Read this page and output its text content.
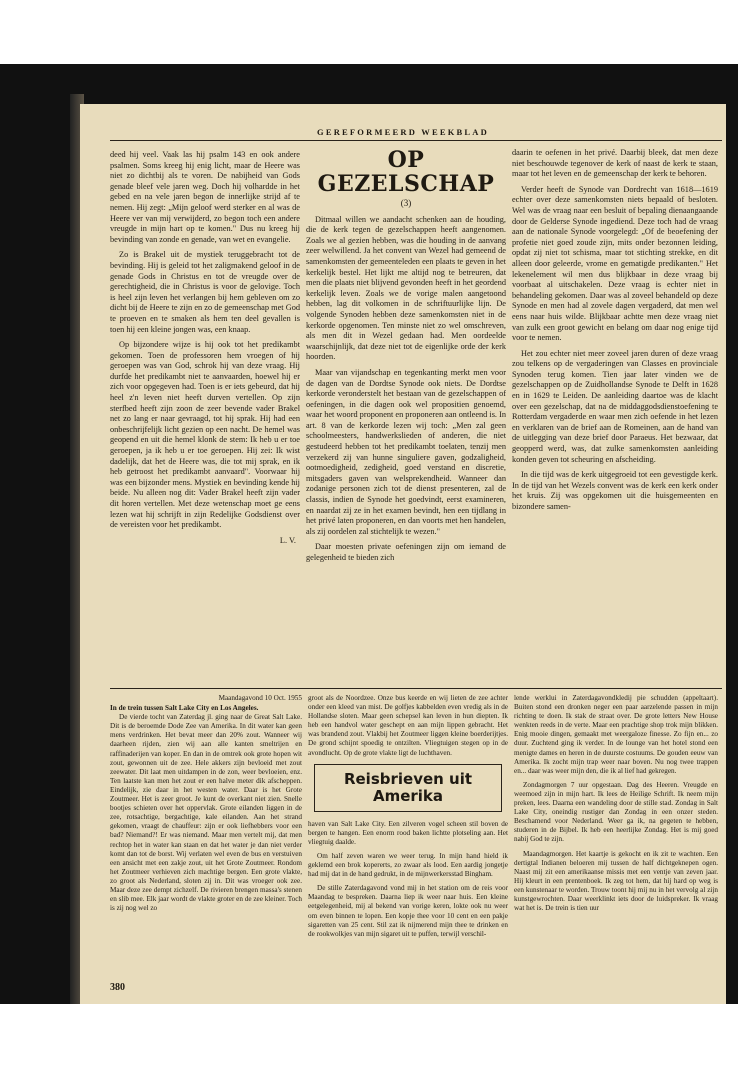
GEREFORMEERD WEEKBLAD

deed hij veel. Vaak las hij psalm 143 en ook andere psalmen. Soms kreeg hij enig licht, maar de Heere was niet zo dichtbij als te voren. De nabijheid van Gods genade bleef vele jaren weg. Doch hij volhardde in het gebed en na vele jaren begon de innerlijke strijd af te nemen. Hij zegt: „Mijn geloof werd sterker en al was de Heere ver van mij verwijderd, zo begon toch een andere vreugde in mijn hart op te komen." Dus nu kreeg hij bevinding van zonde en genade, van wet en evangelie.

Zo is Brakel uit de mystiek teruggebracht tot de bevinding. Hij is geleid tot het zaligmakend geloof in de genade Gods in Christus en tot de vreugde over de gerechtigheid, die in Christus is voor de gelovige. Toch is heel zijn leven het verlangen bij hem gebleven om zo dicht bij de Heere te zijn en zo de gemeenschap met God te proeven en te smaken als hem ten deel gevallen is toen hij een kleine jongen was, een knaap.

Op bijzondere wijze is hij ook tot het predikambt gekomen. Toen de professoren hem vroegen of hij geroepen was van God, schrok hij van deze vraag. Hij durfde het predikambt niet te aanvaarden, hoewel hij er zich voor opgegeven had. Toen is er iets gebeurd, dat hij heel z'n leven niet heeft durven vertellen. Op zijn sterfbed heeft zijn zoon de zeer bevende vader Brakel net zo lang er naar gevraagd, tot hij sprak. Hij had een onbeschrijfelijk licht gezien op een nacht. De hemel was geopend en uit die hemel klonk de stem: Ik heb u er toe geroepen, ja ik heb u er toe geroepen. Hij zei: Ik wist dadelijk, dat het de Heere was, die tot mij sprak, en ik heb getroost het predikambt aanvaard". Voorwaar hij was een bijzonder mens. Mystiek en bevinding kende hij beide. Nu alleen nog dit: Vader Brakel heeft zijn vader dit horen vertellen. Met deze wetenschap moet ge eens lezen wat hij schrijft in zijn Redelijke Godsdienst over de vereisten voor het predikambt.

L. V.
OP GEZELSCHAP
(3)

Ditmaal willen we aandacht schenken aan de houding, die de kerk tegen de gezelschappen heeft aangenomen. Zoals we al gezien hebben, was die houding in de aanvang zeer welwillend. Ja het convent van Wezel had gemeend de samenkomsten der gemeenteleden een plaats te geven in het kerkelijk bestel. Het lijkt me altijd nog te betreuren, dat men die plaats niet blijvend gevonden heeft in het geordend kerkelijk leven. Zoals we de vorige malen aangetoond hebben, lag dit volkomen in de schriftuurlijke lijn. De volgende Synoden hebben deze samenkomsten niet in de kerkorde opgenomen. Ten minste niet zo wel omschreven, als men dit in Wezel gedaan had. Men oordeelde waarschijnlijk, dat deze niet tot de eigenlijke orde der kerk hoorden.

Maar van vijandschap en tegenkanting merkt men voor de dagen van de Dordtse Synode ook niets. De Dordtse kerkorde veronderstelt het bestaan van de gezelschappen of oefeningen, in die dagen ook wel propositien genoemd, waar het woord proponent en proponeren aan ontleend is. In art. 8 van de kerkorde lezen wij toch: „Men zal geen schoolmeesters, handwerkslieden of anderen, die niet gestudeerd hebben tot het predikambt toelaten, tenzij men verzekerd zij van hunne singuliere gaven, godzaligheid, ootmoedigheid, zedigheid, goed verstand en discretie, mitsgaders gaven van welsprekendheid. Wanneer dan zodanige personen zich tot de dienst presenteren, zal de classis, indien de Synode het goedvindt, eerst examineren, en naardat zij ze in het examen bevindt, hen een tijdlang in het privé laten proponeren, en dan voorts met hen handelen, als zij oordelen zal stichtelijk te wezen."

Daar moesten private oefeningen zijn om iemand de gelegenheid te bieden zich

daarin te oefenen in het privé. Daarbij bleek, dat men deze niet beschouwde tegenover de kerk of naast de kerk te staan, maar tot het leven en de gemeenschap der kerk te behoren.

Verder heeft de Synode van Dordrecht van 1618—1619 echter over deze samenkomsten niets bepaald of besloten. Wel was de vraag naar een besluit of bepaling dienaangaande door de Gelderse Synode ingediend. Deze toch had de vraag aan de nationale Synode voorgelegd: „Of de beoefening der profetie niet goed zoude zijn, mits onder bezonnen leiding, opdat zij niet tot schisma, maar tot stichting strekke, en dit alleen door geleerde, vrome en gematigde predikanten." Het lekenelement wil men dus blijkbaar in deze vraag bij voorbaat al uitschakelen. Deze vraag is echter niet in behandeling gekomen. Daar was al zoveel behandeld op deze Synode en men had al zovele dagen vergaderd, dat men wel eens naar huis wilde. Blijkbaar achtte men deze vraag niet van zulk een groot gewicht en belang om daar nog enige tijd voor te nemen.

Het zou echter niet meer zoveel jaren duren of deze vraag zou telkens op de vergaderingen van Classes en provinciale Synoden terug komen. Tien jaar later vinden we de gezelschappen op de Zuidhollandse Synode te Delft in 1628 en in 1629 te Leiden. De aanleiding daartoe was de klacht over een gezelschap, dat na de middaggodsdienstoefening te Rotterdam vergaderde en waar men zich oefende in het lezen en verklaren van de brief aan de Romeinen, aan de hand van de uitlegging van deze brief door Paraeus. Het bezwaar, dat geopperd werd, was, dat zulke samenkomsten aanleiding konden geven tot scheuring en afscheiding.

In die tijd was de kerk uitgegroeid tot een gevestigde kerk. In de tijd van het Wezels convent was de kerk een kerk onder het kruis. Zij was opgekomen uit die huisgemeenten en bizondere samen-

Maandagavond 10 Oct. 1955
In de trein tussen Salt Lake City en Los Angeles.

De vierde tocht van Zaterdag jl. ging naar de Great Salt Lake. Dit is de beroemde Dode Zee van Amerika. In dit water kan geen mens verdrinken. Het bevat meer dan 20% zout. Wanneer wij daarheen rijden, zien wij aan alle kanten smeltrijen en raffinaderijen van koper. En dan in de omtrek ook grote hopen wit zout, gewonnen uit de zee. Hele akkers zijn bevloeid met zout zeewater. Dit laat men uitdampen in de zon, weer bevloeien, enz. Ten laatste kan men het zout er een halve meter dik afscheppen. Eindelijk, zie daar in het westen water. Daar is het Grote Zoutmeer. Het is zeer groot. Je kunt de overkant niet zien. Snelle bootjes schieten over het oppervlak. Grote eilanden liggen in de zee, rotsachtige, bergachtige, kale eilanden. Aan het strand gekomen, vraagt de chauffeur: zijn er ook liefhebbers voor een bad? Niemand?! Er was niemand. Maar men vertelt mij, dat men rechtop het in water kan staan en dat het water je dan niet verder komt dan tot de borst. Wij verlaten wel even de bus en verstuiven een ansicht met een zakje zout, uit het Grote Zoutmeer. Rondom het Zoutmeer verhieven zich machtige bergen. Een grote vlakte, zo groot als Nederland, sloten zij in. Dit was vroeger ook zee. Maar deze zee dempt zichzelf. De rivieren brengen massa's stenen en slib mee. Elk jaar wordt de vlakte groter en de zee kleiner. Toch is zij nog wel zo

groot als de Noordzee. Onze bus keerde en wij lieten de zee achter onder een kleed van mist. De golfjes kabbelden even vredig als in de Hollandse sloten. Maar geen schepsel kan leven in hun diepten. Ik heb een handvol water geschept en aan mijn lippen gebracht. Het was brandend zout. Vlakbij het Zoutmeer liggen kleine boerderijtjes. De grond schijnt spoedig te ontzilten. Vliegtuigen stegen op in de avondlucht. Op de grote vlakte ligt de luchthaven.

Reisbrieven uit Amerika

haven van Salt Lake City. Een zilveren vogel scheen stil boven de bergen te hangen. Een enorm rood baken lichtte plotseling aan. Het vliegtuig daalde.

Om half zeven waren we weer terug. In mijn hand hield ik geklemd een brok kopererts, zo zwaar als lood. Een aardig jongetje had mij dat in de hand gedrukt, in de mijnwerkersstad Bingham.

De stille Zaterdagavond vond mij in het station om de reis voor Maandag te bespreken. Daarna liep ik weer naar huis. Een kleine eetgelegenheid, mij al bekend van vorige keren, lokte ook nu weer om even binnen te lopen. Een kopje thee voor 10 cent en een pakje sigaretten van 25 cent. Stil zat ik nijmerend mijn thee te drinken en de rookwolkjes van mijn sigaret uit te puffen, terwijl verschil-

lende werklui in Zaterdagavondkledij pie schudden (appeltaart). Buiten stond een dronken neger een paar aarzelende passen in mijn richting te doen. Ik stak de straat over. De grote letters New House wenkten reeds in de verte. Maar een prachtige shop trok mijn blikken. Enig mooie dingen, gemaakt met weergaloze finesse. Zo fijn en... zo duur. Zuchtend ging ik verder. In de lounge van het hotel stond een menigte dames en heren in de duurste costuums. De gouden eeuw van Amerika. Ik zocht mijn trap weer naar boven. Nu nog twee trappen en... daar was weer mijn den, die ik al lief had gekregen.

Zondagmorgen 7 uur opgestaan. Dag des Heeren. Vreugde en weemoed zijn in mijn hart. Ik lees de Heilige Schrift. Ik neem mijn preken, lees. Daarna een wandeling door de stille stad. Zondag in Salt Lake City, oneindig rustiger dan Zondag in een onzer steden. Beschamend voor Nederland. Weer ga ik, na gegeten te hebben, studeren in de Bijbel. Ik heb een heerlijke Zondag. Het is mij goed nabij God te zijn.

Maandagmorgen. Het kaartje is gekocht en ik zit te wachten. Een dertigtal Indianen beloeren mij tussen de half dichtgeknepen ogen. Naast mij zit een amerikaanse missis met een ventje van zeven jaar. Hij kleurt in een prentenboek. Ik zeg tot hem, dat hij hard op weg is een kunstenaar te worden. Trouw toont hij mij nu in het vervolg al zijn kunstgewrochten. Daar weerklinkt iets door de luidspreker. Ik vraag wat het is. De trein is tien uur

380
